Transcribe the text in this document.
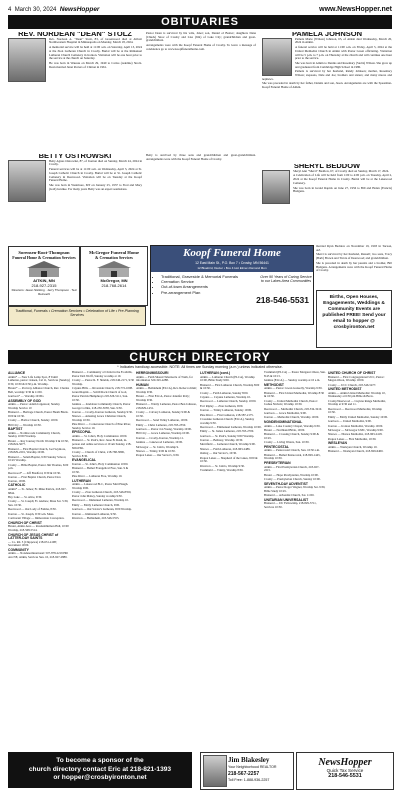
4 March 30, 2024 NewsHopper	www.NewsHopper.net
OBITUARIES
REV. NORDEAN "DEAN" STOLZ

Rev. Nordean A. "Dean" Stolz, 83, of Greenwood died at Abbott Northwestern Hospital in Minneapolis on Monday, March 18, 2024.

A memorial service will be held at 11:00 a.m. on Saturday, April 13, 2024 at the Zion Lutheran Church in Crosby. Burial will be at the Immanuel Lutheran Church Cemetery in Ironton. Visitation will be one hour prior to the service at the church on Saturday.

He was born in Wausau on March 29, 1940 to Carlos (Adeline) Strolz. Dean married Janet Porters of Clinton in 1961.

Pastor Dean is survived by his wife, Janet; son, Daniel of Baxter; daughters Dana (Chuck) Stroz of Crosby and Lisa (Jim) of Lake City; grandchildren and great-grandchildren.

Arrangements were with the Koopf Funeral Home of Crosby. To leave a message of condolence go to www.koopffuneralhome.com.

PAMELA JOHNSON

Pamela Marie (Wilson) Johnson, 65, of Aitkin died Wednesday, March 20, 2024 in Aitkin.

A funeral service will be held at 11:00 a.m. on Friday, April 5, 2024 at the United Methodist Church in Aitkin with Pastor Gwen officiating. Visitation will be 5 p.m. to 7 p.m. on Thursday at the church and will continue one hour prior to the service.

She was born in Aitkin to Dennis and Rosemary (Stoltz) Wilson. She grew up and graduated from Cambridge High School in 1980.

Pamela is survived by her husband, Randy Johnson; mother, Rosemary Wilson; stepsons, Dale and Joe; brothers and sisters; and many nieces and nephews.

She was preceded in death by her father, Dennis and son, Jason. Arrangements are with the Spearman-Koopf Funeral Home of Aitkin.

BETTY OSTROWSKI

Betty Agnes Ostrowski, 87, of Ironton died on Sunday, March 24, 2024 in Crosby.

Funeral services will be at 11:00 a.m. on Wednesday, April 3, 2024 at St. Joseph Catholic Church in Crosby. Burial will be at St. Joseph Catholic Cemetery in Deerwood. Visitation will be on Tuesday at the Koopf Funeral Home.

She was born in Westmore, MT on January 25, 1937 to Fred and Mary (Gall) Grunke. For many years Betty was an expert seamstress.

Betty is survived by three sons and grandchildren and great-grandchildren. Arrangements were with the Koopf Funeral Home of Crosby.

SHERYL BEDDOW

Sheryl Ann "Sherri" Beddow, 67, of Crosby died on Sunday, March 17, 2024.

A Celebration of Life will be held from 1:00 to 4:00 p.m. on Tuesday, April 2, 2024 at the Koopf Funeral Home in Crosby. Burial will be at the Lakewood Cemetery.

She was born in Grand Rapids on June 27, 1956 to Bill and Helen (Francis) Hudgens.

married Ryan Beddow on November 19, 1993 in Tucson, AZ.

Sherri is survived by her husband, Russell; two sons, Tracy (Barb) Brown and Travis of Deerwood; and grandchildren.

She is preceded in death by her parents and a brother, Bill Hudgens. Arrangements were with the Koopf Funeral Home of Crosby.

Sorensen-Root-Thompson
Funeral Home & Cremation Services
AITKIN, MN
218-927-2315
Directors: Jason Sticking · Jerry Thompson · Ted Reinoehl
McGregor Funeral Home
& Cremation Services
McGregor, MN
218-768-2614
Traditional, Funerals • Cremation Services • Celebration of Life • Pre-Planning Services
Koopf Funeral Home
12 East Main St., P.O. Box 7 • Crosby, MN 56441
12 Bluebird, Dexter • Box 4 Hot Elmer-Osmond Mon
• Traditional, Graveside & Memorial Funerals
• Cremation Service
• Out-of-town Arrangements
• Pre-arrangement Plan
Over 90 Years of Caring Service to our Lakes Area Communities
218-546-5531	Births, Open Houses, Engagements, Weddings & Community Events are published FREE! Send your email to hopper @ crosbyironton.net
CHURCH DIRECTORY
* Indicates handicap accessible. NOTE: All times are Sunday morning (a.m.) unless indicated otherwise.
ALLIANCE

Aitkin* — New Life Lamp Spot, 8 Tamil Lutheran, pastor: Jensen, Cal 11, Services (Sunday) 9:30, 10:30 & 6:30 p.m. Worship.

Baxter* — Portway Alliance Church, Rev. Charles Bell, worship: 9:30 & 11:00.

Garrison* — Worship 10:00a

ASSEMBLY OF GOD

Aitkin — Pastor: Adam Jorgenson; Sunday Worship Service 10

Brainerd — Heritage Church, Pastor Heath Black. 9:00 & 10:30.

Crosby — Harbor Church, Sunday 10:00.

Hill City — Worship 10:30.

BAPTIST

Aitkin — Northwoods Community Church, Sunday 10:00 Worship.

Baxter — Ray Journey North: Worship 9 & 10:30, 218-824-5677.

Brainerd — First Baptist Church, Joel Seymore, 218-829-2201, Worship 10:00.

Brainerd — Salem Baptist, 9:30 Sunday School, 10:45 Worship.

Crosby — Bible Baptist, Pastor Jim Thomas, 6:00 p.m.

Deerwood* — Jeff Bradford, 9:30 & 10:30.

Ironton — First Baptist Church, Pastor Don Ironton, 10:00.

CATHOLIC

Aitkin* — St. James; Fr. Mike Patrick, 218-927-6844.

Bay Lake — St. Alice, 9:30.

Crosby — St. Joseph; Fr. Andrew, Mass Sat. 5:30, Sun. 10:30.

Deerwood — Our Lady of Fatima, 8:30.

Ironton — St. Joseph, 9:30 a.m. Mass.

Cormorant Village — Immaculate Conception.

CHURCH OF CHRIST

Baxter, Aitkin Area — Rondemhirmen Hall, 10:00 Worship, 218-568-5514.

CHURCH OF JESUS CHRIST of LATTER-DAY SAINTS

— Co. Rd. 3 (Chippewa) 218-631-4198; Sacrament 10:00.

COMMUNITY

Aitkin — Nondenominational: 507-878-2219 Hill Ave NE, Aitkin, Services Sun. 10, 218-927-2880.

Brainerd — Community of Christ in the Foothills, Pastor Deb Wolff, Sunday worship at 10.

Crosby — Pastor R. F. Shields, 218-546-2171, 9:30 Worship.

Cuyuna Hills — Riverside Church, 218-772-1008.

Grand Rapids — Soltill Rock Church of God, Pastor Patrick Humphreys 218-326-5111, Sun. 10:30.

Jenkins — Jendoban Community Church, Pastor George Collins, 218-250-5058, Sun. 9:30.

Ironton — Crosby-Ironton Lutheran, Sunday 9:30.

Nisswa — Amazing Grace Christian Church, Worship 10:30.

Pine River — Cornerstone Church of Pine River, Sunday Service 10.

EPISCOPAL

Aitkin — St. John's, Holy Communion 10:00.

Brainerd — St. Paul's, Rev. Jesse B. Rush, in-person and online services at 10 am Sunday, 218-829-6391.

Crosby — Church of Christ, 218-768-3806, Service 8:30.

EVANGELICAL

Ironton — St. John's, Holy Communion 10:00.

Brainerd — Bethel Evangelical Free, Sun. 9 & 10:30.

Pine River — Lutheran Free, Worship 10.

LUTHERAN

Aitkin — Lakewood ELC, Pastor Matt Haugh. Worship 9:00.

Crosby — Zion Lutheran Church, 218-546-8350, Pastor John Mabey, Sunday worship 9:30.

Deerwood — Immanuel Lutheran, Worship 10.

Emily — Emily Lutheran Church, 9:00.

Garrison — Our Savior's Lutheran, 9:00 Worship.

Ironton — Immanuel Lutheran, 9:30.

Riverton — Bethlehem, 218-546-5555.

HERRON/MISSOURI

Aitkin — Faith Shared Tabernacle of Truth, for information 320-345-4288.

HUMAN

Aitkin — Bethlehem (ELCA), Rev. Rebecca Imm; Worship 9:30.

Baxter — First ELCA, Pastor Jennifer Petty; Worship 9:30.

Brainerd — Trinity Lutheran, Pastor Ben Johnson, 218-829-1431.

Crosby — Calvary Lutheran, Sunday 9:00 & 10:30.

Deerwood — Sand Valley Lutheran, 10:00.

Emily — Christ Lutheran, 218-763-2350.

Garrison — Pastor Jon Young, Worship 10:00.

Hill City — Grace Lutheran, Worship 10:00.

Ironton — Crosby-Ironton, Worship 11.

Jenkins — Lakewood Lutheran, 10:00.

McGregor — St. John's, Worship 9.

Nisswa — Trinity, 9:00 & 10:30.

Pequot Lakes — Our Savior's, 9:30.

LUTHERAN (cont.)

Aitkin — Lutheran Church (ELCA), Worship 10:00, Bible Study 9:00.

Brainerd — First Lutheran Church, Worship 8:00 & 10:30.

Crosby — Faith Lutheran, Sunday 8:00.

Cuyuna — Cuyuna Lutheran, Worship 10.

Deerwood — Lutheran Church, Sunday 10:00.

Fort Ripley — Zion Lutheran, 9:00.

Ironton — Trinity Lutheran, Sunday 10:00.

Pine River — First Lutheran, 218-587-2175.

Crosslake Lutheran Church (ELCA), Sunday worship 9:30.

Deerwood — Emmanuel Lutheran, Worship 10:00.

Emily — St. James Lutheran, 218-763-2700.

Garrison — St. Paul's, Sunday 9:00 Worship.

Ironton — Bethany, Worship 10:30.

Merrifield — Lutheran Church, Worship 9:00.

Nisswa — Faith Lutheran, 218-963-2486.

Outing — Our Savior's, 10:30.

Pequot Lakes — Shepherd of the Lakes, 9:00 & 10:30.

Riverton — St. John's, Worship 9:30.

Trommald — Trinity, Worship 8:30.

Trommald (ELCA) — Pastor Margaret Olson, Sun. 8:45 & 10:15.

Jenkins (ELCA) — Sunday worship at 10 a.m.

METHODIST

Aitkin — Pastor: Gwen Gunsolly, Worship 9:30.

Brainerd — First United Methodist, Worship 8:30 & 10:30.

Crosby — United Methodist Church, Pastor: Joshua Nichols; Worship 10:30.

Deerwood — Methodist Church, 218-534-3210.

Garrison — Grace Methodist, 9:00.

Ironton — Methodist Church, Worship 10:00.

NONDENOMINATIONAL

Aitkin — Lake Country Chapel, Worship 9:30.

Baxter — Northland Bible, 10:00.

Brainerd — Crossing Church, Sunday 9:00 & 10:45.

Crosby — Living Waters, Sun. 10:30.

PENTECOSTAL

Aitkin — Pentecostal Church, Sun. 10:30 a.m.

Brainerd — Bethel Pentecostal, 218-829-1445, Worship 10:30.

PRESBYTERIAN

Aitkin — First Presbyterian Church, 218-927-2215.

Baxter — Hope Presbyterian, Worship 10:00.

Crosby — Presbyterian Church, Sunday 10:00.

SEVENTH-DAY ADVENTIST

Aitkin — Pastor Roger Wagner, Worship Sat. 9:30, Bible Study 10:45.

Brainerd — Adventist Church, Sat. 11:00.

UNITARIAN UNIVERSALIST

Brainerd — UU Fellowship, 218-829-5711, Services 10:30.

UNITED CHURCH OF CHRIST

Brainerd — First Congregational UCC, Pastor: Megan Olson, Worship 10:00.

Crosby — UCC Church, 218-546-5477.

UNITED METHODIST

Aitkin — Aitkin United Methodist: Worship 10, Wednesday at 6:30 pm Bible & Brew.

Crosby/Deerwood — Cuyuna Range Methodist, Worship at 9:30 and 11.

Deerwood — Deerwood Methodist, Worship 10:30.

Emily — Emily United Methodist, Sunday 10:00.

Garrison — United Methodist, 9:00.

Ironton — Ironton Methodist, Worship 10:00.

McGregor — McGregor UMC, Worship 9:00.

Nisswa — Nisswa Methodist, 218-963-2418.

Pequot Lakes — First Methodist, 10:30.

WESLEYAN

Aitkin — Wesleyan Church, Worship 10.

Brainerd — Wesleyan Church, 218-829-6400.

To become a sponsor of the
church directory contact Eric at 218-821-1393
or hopper@crosbyironton.net
Jim Blakesley
Your Neighborhood REALTOR
218-567-2257
Toll Free: 1-888-936-2257
NewsHopper
Quick Tax Service
218-546-5531
